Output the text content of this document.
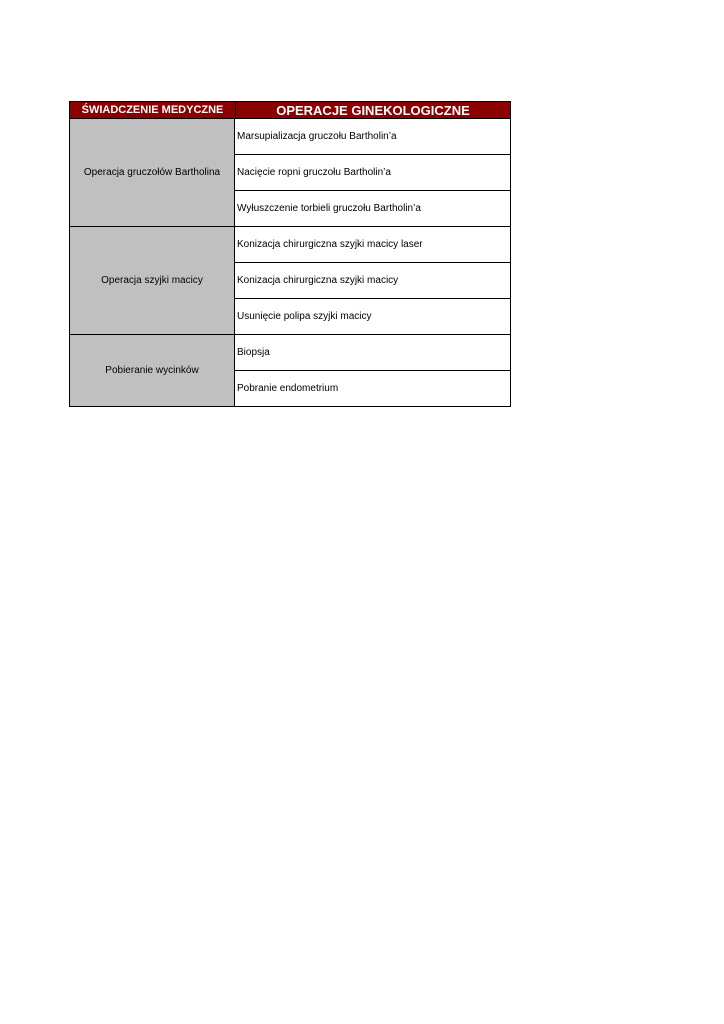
ŚWIADCZENIE MEDYCZNE	OPERACJE GINEKOLOGICZNE
Operacja gruczołów Bartholina
Marsupializacja gruczołu Bartholin’a
Nacięcie ropni gruczołu Bartholin’a
Wyłuszczenie torbieli gruczołu Bartholin’a
Operacja szyjki macicy
Konizacja chirurgiczna szyjki macicy laser
Konizacja chirurgiczna szyjki macicy
Usunięcie polipa szyjki macicy
Pobieranie wycinków
Biopsja
Pobranie endometrium
